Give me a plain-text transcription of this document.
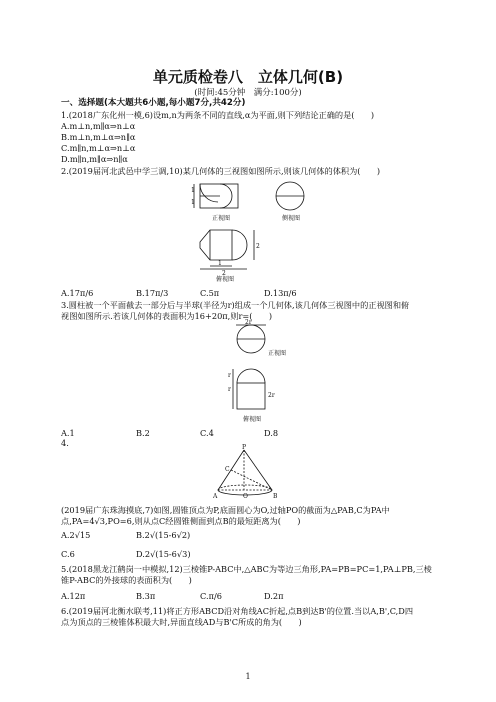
单元质检卷八　立体几何(B)
(时间:45分钟　满分:100分)
一、选择题(本大题共6小题,每小题7分,共42分)
1.(2018广东化州一模,6)设m,n为两条不同的直线,α为平面,则下列结论正确的是(　　)
A.m⊥n,m∥α⇒n⊥α
B.m⊥n,m⊥α⇒n∥α
C.m∥n,m⊥α⇒n⊥α
D.m∥n,m∥α⇒n∥α
2.(2019届河北武邑中学三调,10)某几何体的三视图如图所示,则该几何体的体积为(　　)
1
1
正视图	侧视图
2
1
2
俯视图
A.17π/6	B.17π/3	C.5π	D.13π/6
3.圆柱被一个平面截去一部分后与半球(半径为r)组成一个几何体,该几何体三视图中的正视图和俯
视图如图所示.若该几何体的表面积为16+20π,则r=(　　)
2r
正视图
r
r
2r
俯视图
A.1	B.2	C.4	D.8
4.	P
C
A	O	B
(2019届广东珠海摸底,7)如图,圆锥顶点为P,底面圆心为O,过轴PO的截面为△PAB,C为PA中
点,PA=4√3,PO=6,则从点C经圆锥侧面到点B的最短距离为(　　)
A.2√15	B.2√(15-6√2)
C.6	D.2√(15-6√3)
5.(2018黑龙江鹤岗一中模拟,12)三棱锥P-ABC中,△ABC为等边三角形,PA=PB=PC=1,PA⊥PB,三棱
锥P-ABC的外接球的表面积为(　　)
A.12π	B.3π	C.π/6	D.2π
6.(2019届河北衡水联考,11)将正方形ABCD沿对角线AC折起,点B到达B'的位置.当以A,B',C,D四
点为顶点的三棱锥体积最大时,异面直线AD与B'C所成的角为(　　)
1
